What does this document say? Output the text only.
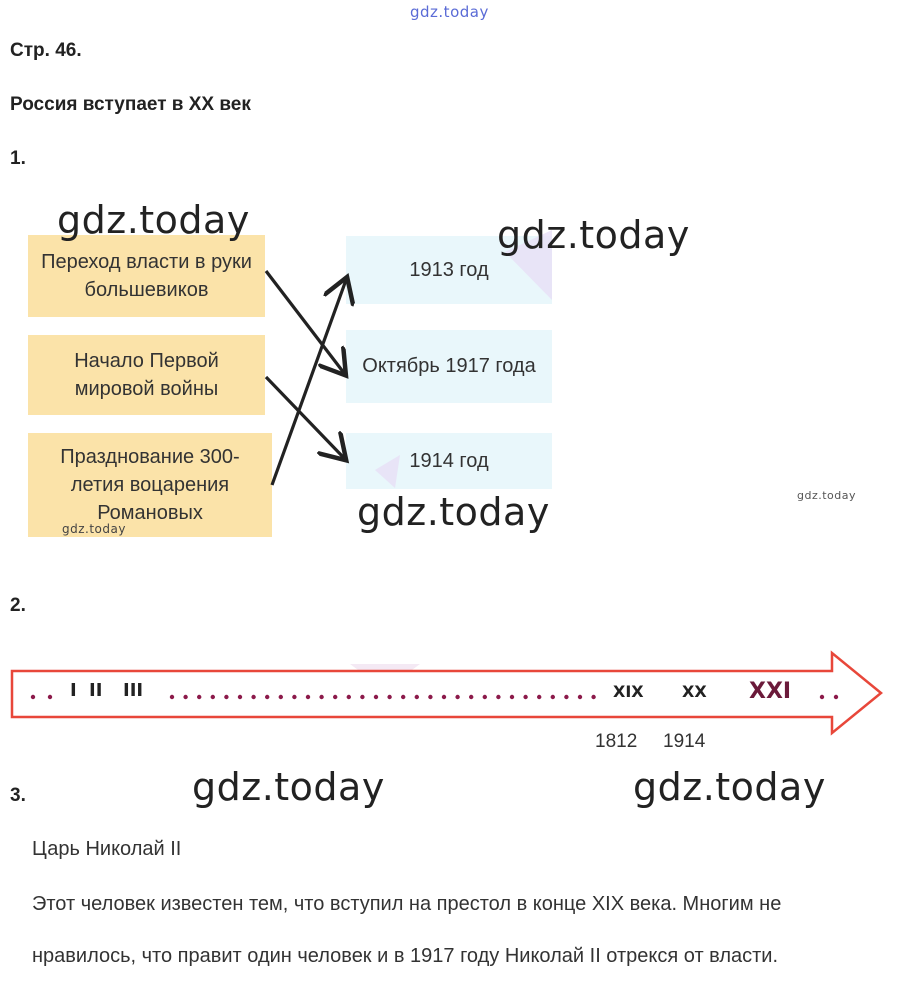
gdz.today
Стр. 46.
Россия вступает в XX век
1.
Переход власти в руки большевиков
Начало Первой мировой войны
Празднование 300-летия воцарения Романовых
1913 год
Октябрь 1917 года
1914 год
gdz.today	gdz.today
gdz.today	gdz.today
gdz.today
2.
I II III	XIX XX XXI
1812 1914
gdz.today	gdz.today
3.
Царь Николай II
Этот человек известен тем, что вступил на престол в конце XIX века. Многим не
нравилось, что правит один человек и в 1917 году Николай II отрекся от власти.
